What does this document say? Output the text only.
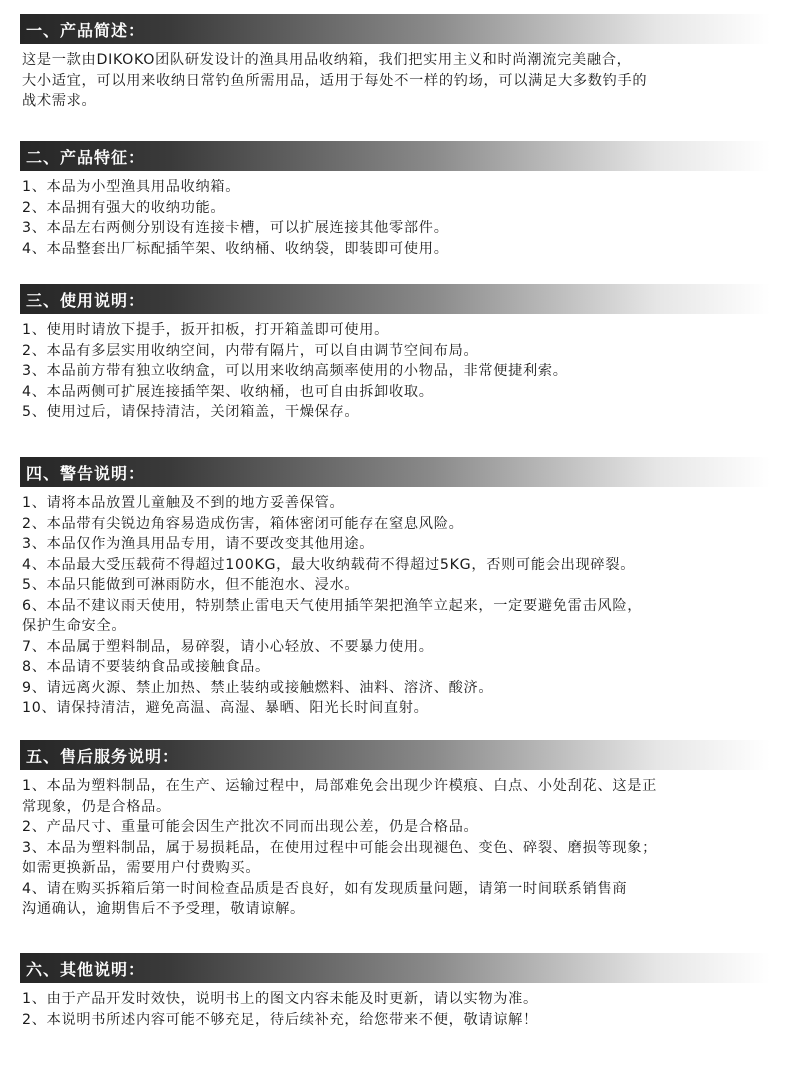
一、产品简述：
这是一款由DIKOKO团队研发设计的渔具用品收纳箱，我们把实用主义和时尚潮流完美融合，
大小适宜，可以用来收纳日常钓鱼所需用品，适用于每处不一样的钓场，可以满足大多数钓手的
战术需求。
二、产品特征：
1、本品为小型渔具用品收纳箱。
2、本品拥有强大的收纳功能。
3、本品左右两侧分别设有连接卡槽，可以扩展连接其他零部件。
4、本品整套出厂标配插竿架、收纳桶、收纳袋，即装即可使用。
三、使用说明：
1、使用时请放下提手，扳开扣板，打开箱盖即可使用。
2、本品有多层实用收纳空间，内带有隔片，可以自由调节空间布局。
3、本品前方带有独立收纳盒，可以用来收纳高频率使用的小物品，非常便捷利索。
4、本品两侧可扩展连接插竿架、收纳桶，也可自由拆卸收取。
5、使用过后，请保持清洁，关闭箱盖，干燥保存。
四、警告说明：
1、请将本品放置儿童触及不到的地方妥善保管。
2、本品带有尖锐边角容易造成伤害，箱体密闭可能存在窒息风险。
3、本品仅作为渔具用品专用，请不要改变其他用途。
4、本品最大受压载荷不得超过100KG，最大收纳载荷不得超过5KG，否则可能会出现碎裂。
5、本品只能做到可淋雨防水，但不能泡水、浸水。
6、本品不建议雨天使用，特别禁止雷电天气使用插竿架把渔竿立起来，一定要避免雷击风险，
保护生命安全。
7、本品属于塑料制品，易碎裂，请小心轻放、不要暴力使用。
8、本品请不要装纳食品或接触食品。
9、请远离火源、禁止加热、禁止装纳或接触燃料、油料、溶济、酸济。
10、请保持清洁，避免高温、高湿、暴晒、阳光长时间直射。
五、售后服务说明：
1、本品为塑料制品，在生产、运输过程中，局部难免会出现少许模痕、白点、小处刮花、这是正
常现象，仍是合格品。
2、产品尺寸、重量可能会因生产批次不同而出现公差，仍是合格品。
3、本品为塑料制品，属于易损耗品，在使用过程中可能会出现褪色、变色、碎裂、磨损等现象；
如需更换新品，需要用户付费购买。
4、请在购买拆箱后第一时间检查品质是否良好，如有发现质量问题，请第一时间联系销售商
沟通确认，逾期售后不予受理，敬请谅解。
六、其他说明：
1、由于产品开发时效快，说明书上的图文内容未能及时更新，请以实物为准。
2、本说明书所述内容可能不够充足，待后续补充，给您带来不便，敬请谅解！
